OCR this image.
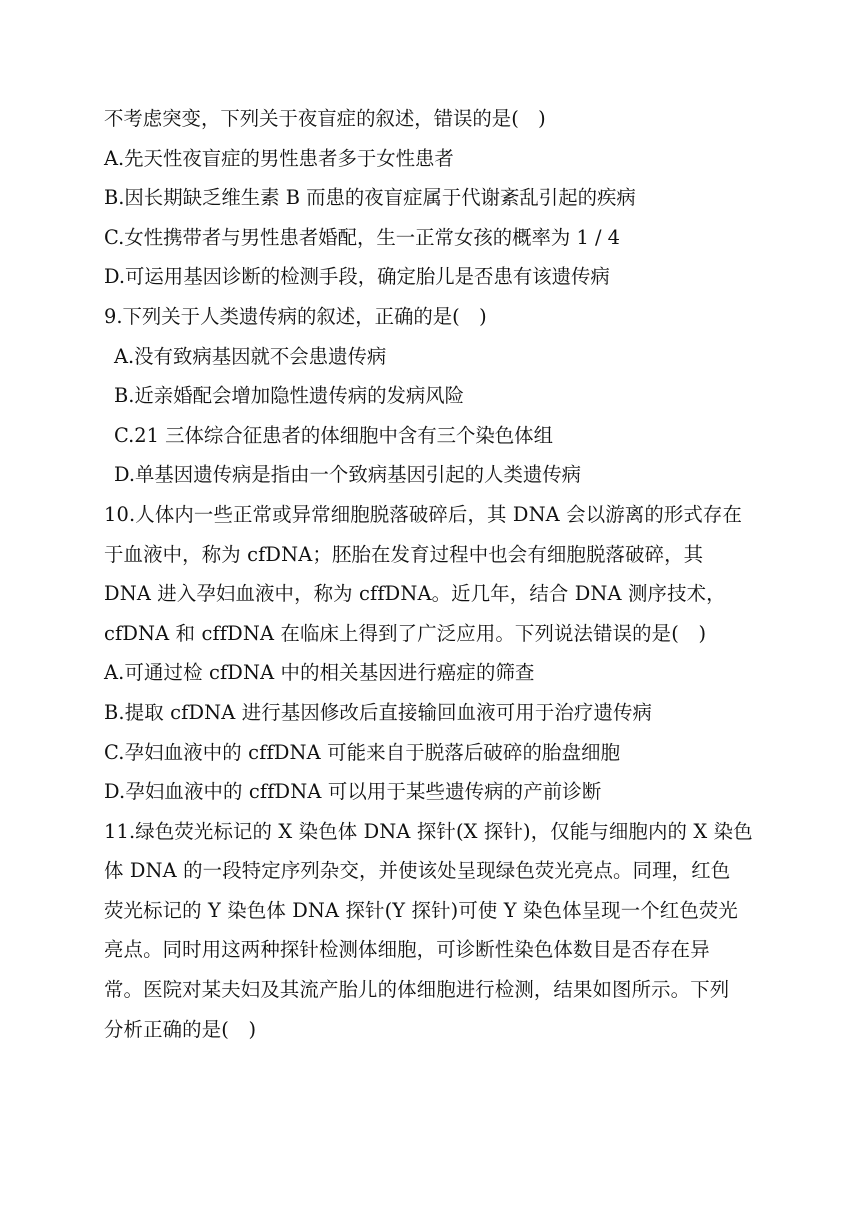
不考虑突变，下列关于夜盲症的叙述，错误的是(　)
A.先天性夜盲症的男性患者多于女性患者
B.因长期缺乏维生素 B 而患的夜盲症属于代谢紊乱引起的疾病
C.女性携带者与男性患者婚配，生一正常女孩的概率为 1 / 4
D.可运用基因诊断的检测手段，确定胎儿是否患有该遗传病
9.下列关于人类遗传病的叙述，正确的是(　)
A.没有致病基因就不会患遗传病
B.近亲婚配会增加隐性遗传病的发病风险
C.21 三体综合征患者的体细胞中含有三个染色体组
D.单基因遗传病是指由一个致病基因引起的人类遗传病
10.人体内一些正常或异常细胞脱落破碎后，其 DNA 会以游离的形式存在
于血液中，称为 cfDNA；胚胎在发育过程中也会有细胞脱落破碎，其
DNA 进入孕妇血液中，称为 cffDNA。近几年，结合 DNA 测序技术，
cfDNA 和 cffDNA 在临床上得到了广泛应用。下列说法错误的是(　)
A.可通过检 cfDNA 中的相关基因进行癌症的筛查
B.提取 cfDNA 进行基因修改后直接输回血液可用于治疗遗传病
C.孕妇血液中的 cffDNA 可能来自于脱落后破碎的胎盘细胞
D.孕妇血液中的 cffDNA 可以用于某些遗传病的产前诊断
11.绿色荧光标记的 X 染色体 DNA 探针(X 探针)，仅能与细胞内的 X 染色
体 DNA 的一段特定序列杂交，并使该处呈现绿色荧光亮点。同理，红色
荧光标记的 Y 染色体 DNA 探针(Y 探针)可使 Y 染色体呈现一个红色荧光
亮点。同时用这两种探针检测体细胞，可诊断性染色体数目是否存在异
常。医院对某夫妇及其流产胎儿的体细胞进行检测，结果如图所示。下列
分析正确的是(　)
